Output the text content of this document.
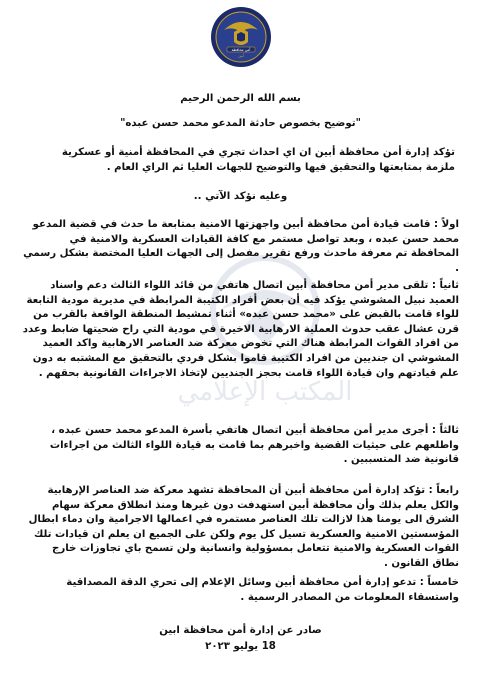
المكتب الإعلامي
أمن محافظة
أبين
بسم الله الرحمن الرحيم
"توضيح بخصوص حادثة المدعو محمد حسن عبده"
تؤكد إدارة أمن محافظة أبين ان اي احداث تجري في المحافظة أمنية أو عسكرية ملزمة بمتابعتها والتحقيق فيها والتوضيح للجهات العليا ثم الراي العام .
وعليه نؤكد الآتي ..
اولاً : قامت قيادة أمن محافظة أبين واجهزتها الامنية بمتابعة ما حدث في قضية المدعو محمد حسن عبده ، وبعد تواصل مستمر مع كافة القيادات العسكرية والامنية في المحافظة تم معرفة ماحدث ورفع تقرير مفصل إلى الجهات العليا المختصة بشكل رسمي .
ثانياً : تلقى مدير أمن محافظة أبين اتصال هاتفي من قائد اللواء الثالث دعم واسناد العميد نبيل المشوشي يؤكد فيه أن بعض أفراد الكتيبة المرابطة في مديرية مودية التابعة للواء قامت بالقبض على «محمد حسن عبده» أثناء تمشيط المنطقة الواقعة بالقرب من قرن عشال عقب حدوث العملية الارهابية الاخيرة في مودية التي راح ضحيتها ضابط وعدد من افراد القوات المرابطة هناك التي تخوض معركة ضد العناصر الارهابية واكد العميد المشوشي ان جنديين من افراد الكتيبة قاموا بشكل فردي بالتحقيق مع المشتبه به دون علم قيادتهم وان قيادة اللواء قامت بحجز الجنديين لإتخاذ الاجراءات القانونية بحقهم .
ثالثاً : أجرى مدير أمن محافظة أبين اتصال هاتفي بأسرة المدعو محمد حسن عبده ، واطلعهم على حيثيات القضية واخبرهم بما قامت به قيادة اللواء الثالث من اجراءات قانونية ضد المتسببين .
رابعاً : تؤكد إدارة أمن محافظة أبين أن المحافظة تشهد معركة ضد العناصر الإرهابية والكل يعلم بذلك وأن محافظة أبين استهدفت دون غيرها ومنذ انطلاق معركة سهام الشرق الى يومنا هذا لازالت تلك العناصر مستمره في اعمالها الاجرامية وان دماء ابطال المؤسستين الامنية والعسكرية تسيل كل يوم ولكن على الجميع ان يعلم ان قيادات تلك القوات العسكرية والامنية تتعامل بمسؤولية وانسانية ولن تسمح باي تجاوزات خارج نطاق القانون .
خامساً : تدعو إدارة أمن محافظة أبين وسائل الإعلام إلى تحري الدقة المصداقية واستسقاء المعلومات من المصادر الرسمية .
صادر عن إدارة أمن محافظة ابين
18 يوليو ٢٠٢٣
